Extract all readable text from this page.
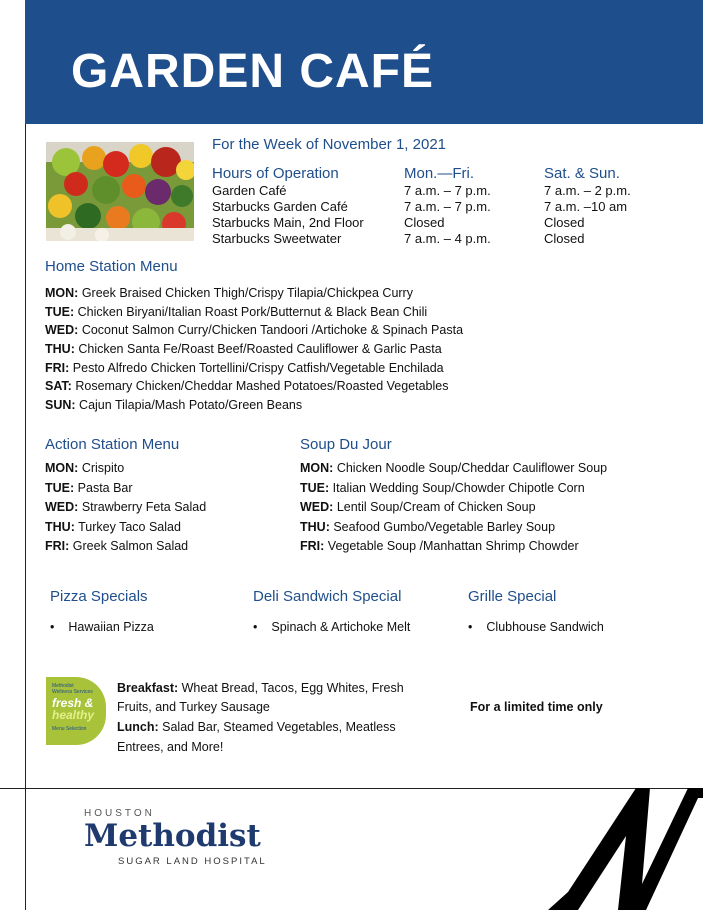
GARDEN CAFÉ
For the Week of November 1, 2021
Hours of Operation	Mon.—Fri.	Sat. & Sun.
Garden Café	7 a.m. – 7 p.m.	7 a.m. – 2 p.m.
Starbucks Garden Café	7 a.m. – 7 p.m.	7 a.m. –10 am
Starbucks Main, 2nd Floor	Closed	Closed
Starbucks Sweetwater	7 a.m. – 4 p.m.	Closed
Home Station Menu
MON: Greek Braised Chicken Thigh/Crispy Tilapia/Chickpea Curry
TUE: Chicken Biryani/Italian Roast Pork/Butternut & Black Bean Chili
WED: Coconut Salmon Curry/Chicken Tandoori /Artichoke & Spinach Pasta
THU: Chicken Santa Fe/Roast Beef/Roasted Cauliflower & Garlic Pasta
FRI: Pesto Alfredo Chicken Tortellini/Crispy Catfish/Vegetable Enchilada
SAT: Rosemary Chicken/Cheddar Mashed Potatoes/Roasted Vegetables
SUN: Cajun Tilapia/Mash Potato/Green Beans
Action Station Menu
MON: Crispito
TUE: Pasta Bar
WED: Strawberry Feta Salad
THU: Turkey Taco Salad
FRI: Greek Salmon Salad
Soup Du Jour
MON: Chicken Noodle Soup/Cheddar Cauliflower Soup
TUE: Italian Wedding Soup/Chowder Chipotle Corn
WED: Lentil Soup/Cream of Chicken Soup
THU: Seafood Gumbo/Vegetable Barley Soup
FRI: Vegetable Soup /Manhattan Shrimp Chowder
Pizza Specials	Deli Sandwich Special	Grille Special
• Hawaiian Pizza	• Spinach & Artichoke Melt	• Clubhouse Sandwich
Methodist
Wellness Services
fresh &
healthy
Menu Selection
Breakfast: Wheat Bread, Tacos, Egg Whites, Fresh
Fruits, and Turkey Sausage
Lunch: Salad Bar, Steamed Vegetables, Meatless
Entrees, and More!
For a limited time only
HOUSTON
Methodist
SUGAR LAND HOSPITAL
